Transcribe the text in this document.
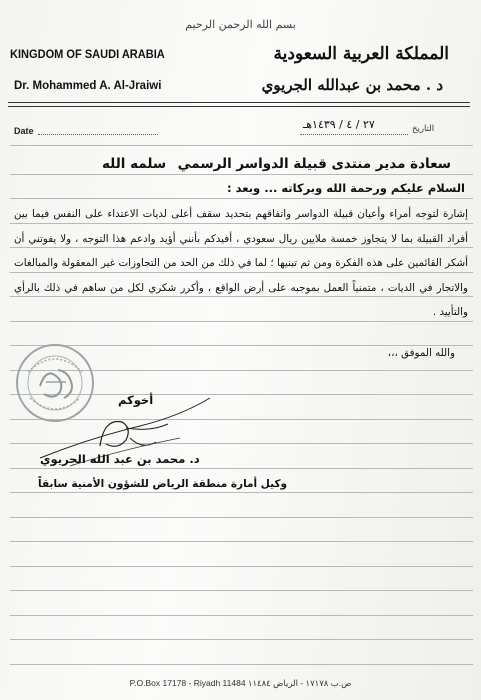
بسم الله الرحمن الرحيم
KINGDOM OF SAUDI ARABIA
Dr. Mohammed A. Al-Jraiwi
المملكة العربية السعودية
د . محمد بن عبدالله الجريوي
Date	٢٧ / ٤ / ١٤٣٩هـ	التاريخ
سعادة مدير منتدى قبيلة الدواسر الرسمي
سلمه الله
السلام عليكم ورحمة الله وبركاته ... وبعد :
إشارة لتوجه أمراء وأعيان قبيلة الدواسر واتفاقهم بتحديد سقف أعلى لديات الاعتداء على النفس فيما بين أفراد القبيلة بما لا يتجاوز خمسة ملايين ريال سعودي ، أفيدكم بأنني أؤيد وادعم هذا التوجه ، ولا يفوتني أن أشكر القائمين على هذه الفكرة ومن ثم تبنيها ؛ لما في ذلك من الحد من التجاوزات غير المعقولة والمبالغات والاتجار في الديات ، متمنياً العمل بموجبه على أرض الواقع ، وأكرر شكري لكل من ساهم في ذلك بالرأي والتأييد .
والله الموفق ،،،
أخوكم
د. محمد بن عبد الله الجريوي
وكيل أمارة منطقة الرياض للشؤون الأمنية سابقاً
P.O.Box 17178 - Riyadh 11484 ص.ب ١٧١٧٨ - الرياض ١١٤٨٤
